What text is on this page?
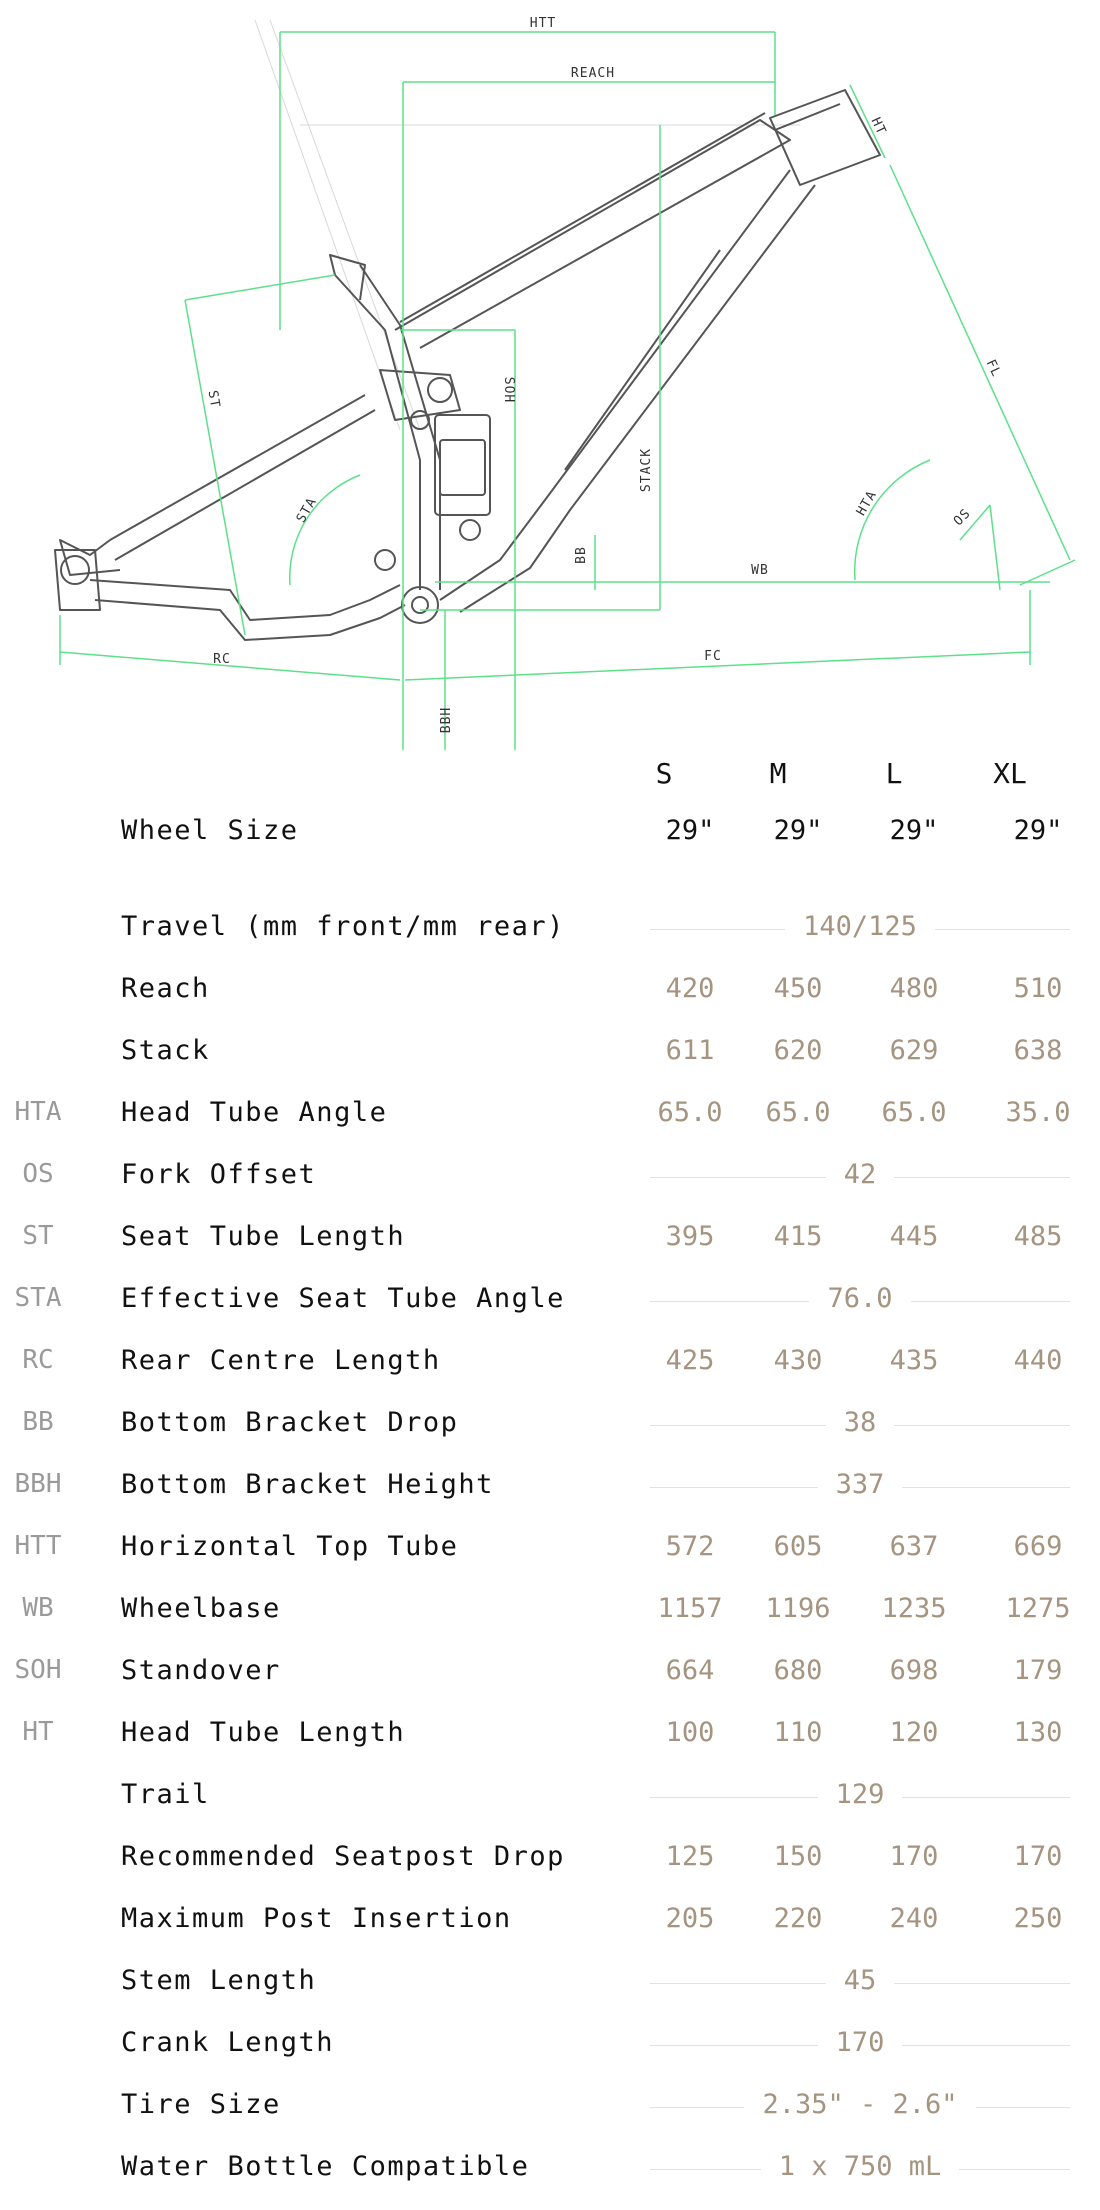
HTT
REACH
HT
FL
ST	SOH
STACK
BB
STA	HTA	OS
WB
RC	FC
BBH
S	M	L	XL
Wheel Size	29"	29"	29"	29"
Travel (mm front/mm rear)	140/125
Reach	420	450	480	510
Stack	611	620	629	638
HTA	Head Tube Angle	65.0	65.0	65.0	35.0
OS	Fork Offset	42
ST	Seat Tube Length	395	415	445	485
STA	Effective Seat Tube Angle	76.0
RC	Rear Centre Length	425	430	435	440
BB	Bottom Bracket Drop	38
BBH	Bottom Bracket Height	337
HTT	Horizontal Top Tube	572	605	637	669
WB	Wheelbase	1157	1196	1235	1275
SOH	Standover	664	680	698	179
HT	Head Tube Length	100	110	120	130
Trail	129
Recommended Seatpost Drop	125	150	170	170
Maximum Post Insertion	205	220	240	250
Stem Length	45
Crank Length	170
Tire Size	2.35" - 2.6"
Water Bottle Compatible	1 x 750 mL
